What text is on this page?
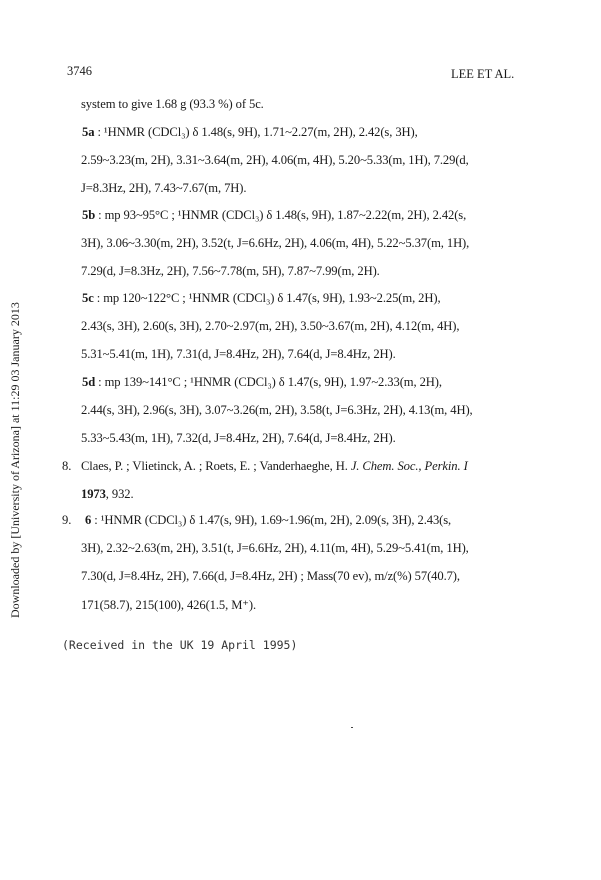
3746	LEE ET AL.
Downloaded by [University of Arizona] at 11:29 03 January 2013
system to give 1.68 g (93.3 %) of 5c.
5a : ¹HNMR (CDCl₃) δ 1.48(s, 9H), 1.71~2.27(m, 2H), 2.42(s, 3H),
2.59~3.23(m, 2H), 3.31~3.64(m, 2H), 4.06(m, 4H), 5.20~5.33(m, 1H), 7.29(d,
J=8.3Hz, 2H), 7.43~7.67(m, 7H).
5b : mp 93~95°C ; ¹HNMR (CDCl₃) δ 1.48(s, 9H), 1.87~2.22(m, 2H), 2.42(s,
3H), 3.06~3.30(m, 2H), 3.52(t, J=6.6Hz, 2H), 4.06(m, 4H), 5.22~5.37(m, 1H),
7.29(d, J=8.3Hz, 2H), 7.56~7.78(m, 5H), 7.87~7.99(m, 2H).
5c : mp 120~122°C ; ¹HNMR (CDCl₃) δ 1.47(s, 9H), 1.93~2.25(m, 2H),
2.43(s, 3H), 2.60(s, 3H), 2.70~2.97(m, 2H), 3.50~3.67(m, 2H), 4.12(m, 4H),
5.31~5.41(m, 1H), 7.31(d, J=8.4Hz, 2H), 7.64(d, J=8.4Hz, 2H).
5d : mp 139~141°C ; ¹HNMR (CDCl₃) δ 1.47(s, 9H), 1.97~2.33(m, 2H),
2.44(s, 3H), 2.96(s, 3H), 3.07~3.26(m, 2H), 3.58(t, J=6.3Hz, 2H), 4.13(m, 4H),
5.33~5.43(m, 1H), 7.32(d, J=8.4Hz, 2H), 7.64(d, J=8.4Hz, 2H).
8. Claes, P. ; Vlietinck, A. ; Roets, E. ; Vanderhaeghe, H. J. Chem. Soc., Perkin. I
1973, 932.
9. 6 : ¹HNMR (CDCl₃) δ 1.47(s, 9H), 1.69~1.96(m, 2H), 2.09(s, 3H), 2.43(s,
3H), 2.32~2.63(m, 2H), 3.51(t, J=6.6Hz, 2H), 4.11(m, 4H), 5.29~5.41(m, 1H),
7.30(d, J=8.4Hz, 2H), 7.66(d, J=8.4Hz, 2H) ; Mass(70 ev), m/z(%) 57(40.7),
171(58.7), 215(100), 426(1.5, M⁺).
(Received in the UK 19 April 1995)
